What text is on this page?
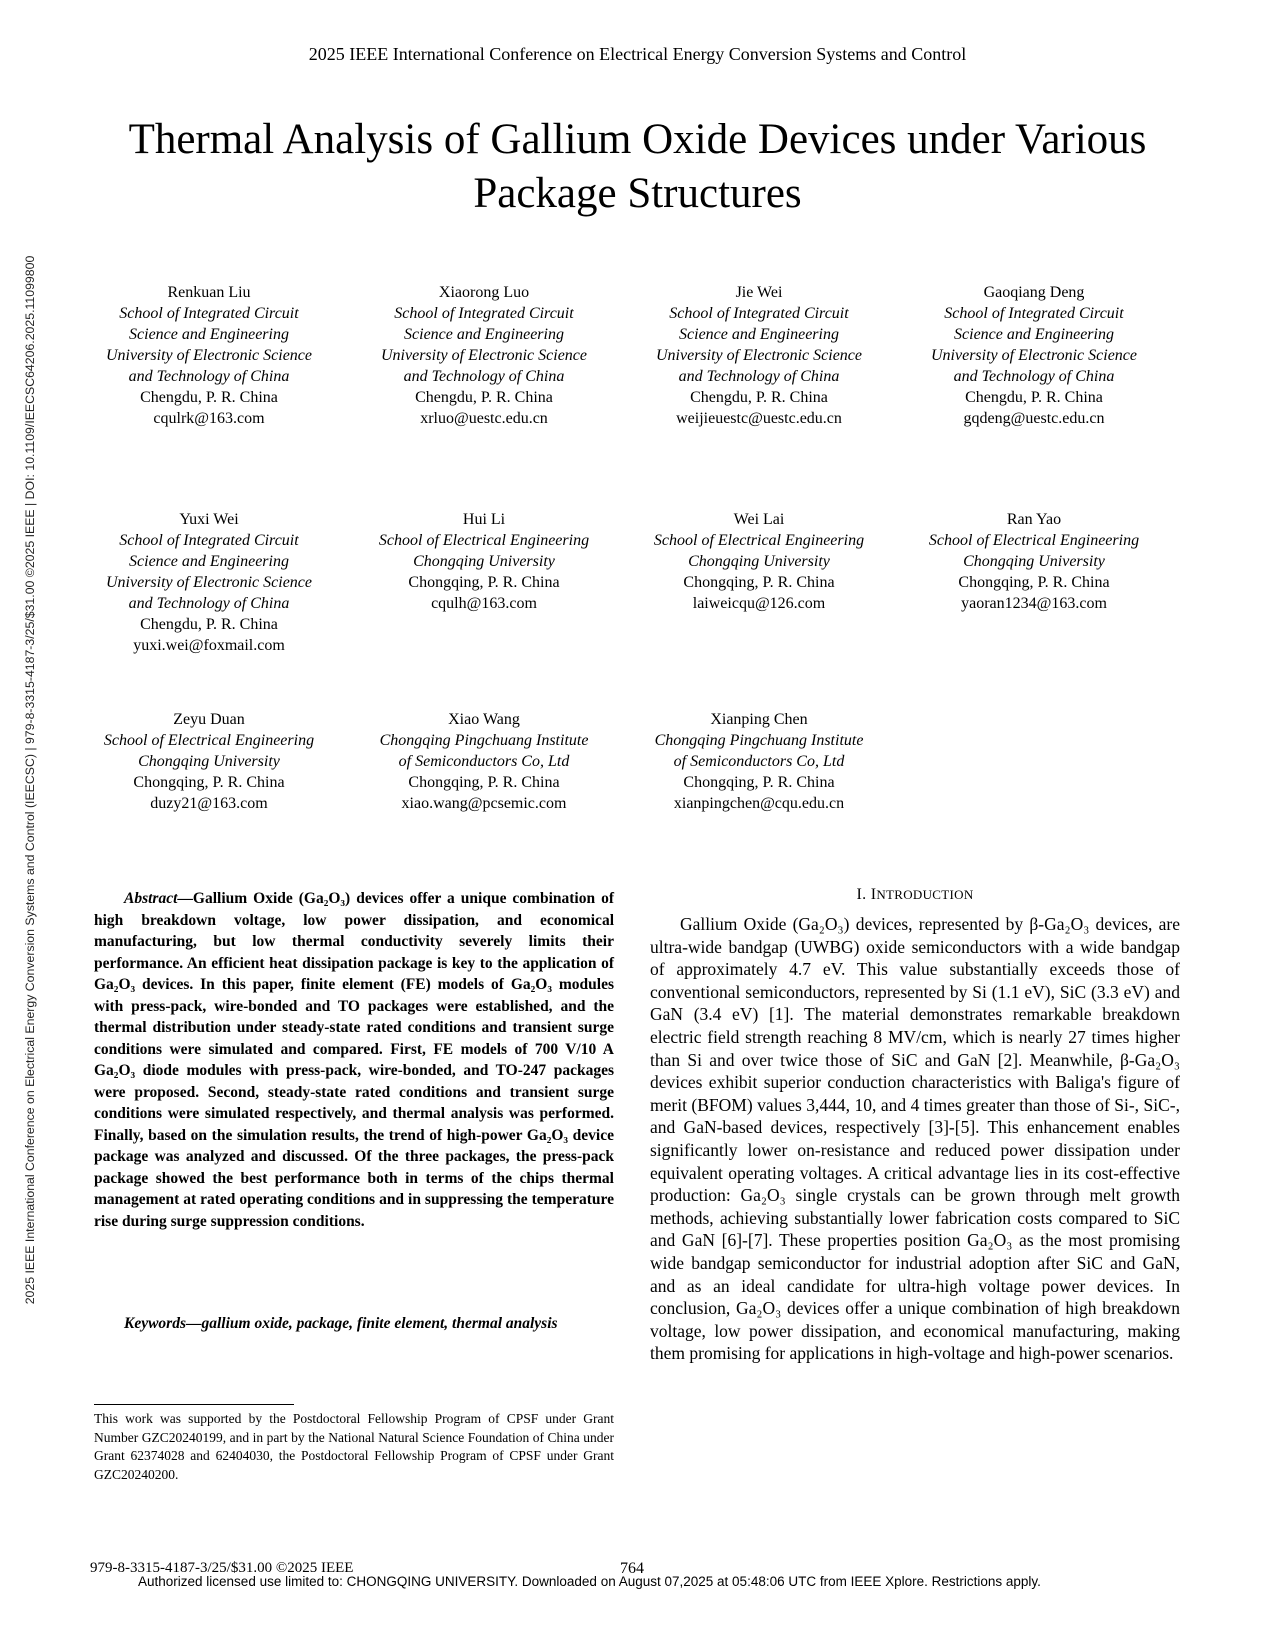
2025 IEEE International Conference on Electrical Energy Conversion Systems and Control
Thermal Analysis of Gallium Oxide Devices under Various Package Structures
2025 IEEE International Conference on Electrical Energy Conversion Systems and Control (IEECSC) | 979-8-3315-4187-3/25/$31.00 ©2025 IEEE | DOI: 10.1109/IEECSC64206.2025.11099800	Renkuan Liu
School of Integrated Circuit
Science and Engineering
University of Electronic Science
and Technology of China
Chengdu, P. R. China
cqulrk@163.com
Xiaorong Luo
School of Integrated Circuit
Science and Engineering
University of Electronic Science
and Technology of China
Chengdu, P. R. China
xrluo@uestc.edu.cn
Jie Wei
School of Integrated Circuit
Science and Engineering
University of Electronic Science
and Technology of China
Chengdu, P. R. China
weijieuestc@uestc.edu.cn
Gaoqiang Deng
School of Integrated Circuit
Science and Engineering
University of Electronic Science
and Technology of China
Chengdu, P. R. China
gqdeng@uestc.edu.cn
Yuxi Wei
School of Integrated Circuit
Science and Engineering
University of Electronic Science
and Technology of China
Chengdu, P. R. China
yuxi.wei@foxmail.com
Hui Li
School of Electrical Engineering
Chongqing University
Chongqing, P. R. China
cqulh@163.com
Wei Lai
School of Electrical Engineering
Chongqing University
Chongqing, P. R. China
laiweicqu@126.com
Ran Yao
School of Electrical Engineering
Chongqing University
Chongqing, P. R. China
yaoran1234@163.com
Zeyu Duan
School of Electrical Engineering
Chongqing University
Chongqing, P. R. China
duzy21@163.com
Xiao Wang
Chongqing Pingchuang Institute
of Semiconductors Co, Ltd
Chongqing, P. R. China
xiao.wang@pcsemic.com
Xianping Chen
Chongqing Pingchuang Institute
of Semiconductors Co, Ltd
Chongqing, P. R. China
xianpingchen@cqu.edu.cn
Abstract—Gallium Oxide (Ga₂O₃) devices offer a unique combination of high breakdown voltage, low power dissipation, and economical manufacturing, but low thermal conductivity severely limits their performance. An efficient heat dissipation package is key to the application of Ga₂O₃ devices. In this paper, finite element (FE) models of Ga₂O₃ modules with press-pack, wire-bonded and TO packages were established, and the thermal distribution under steady-state rated conditions and transient surge conditions were simulated and compared. First, FE models of 700 V/10 A Ga₂O₃ diode modules with press-pack, wire-bonded, and TO-247 packages were proposed. Second, steady-state rated conditions and transient surge conditions were simulated respectively, and thermal analysis was performed. Finally, based on the simulation results, the trend of high-power Ga₂O₃ device package was analyzed and discussed. Of the three packages, the press-pack package showed the best performance both in terms of the chips thermal management at rated operating conditions and in suppressing the temperature rise during surge suppression conditions.
Keywords—gallium oxide, package, finite element, thermal analysis
This work was supported by the Postdoctoral Fellowship Program of CPSF under Grant Number GZC20240199, and in part by the National Natural Science Foundation of China under Grant 62374028 and 62404030, the Postdoctoral Fellowship Program of CPSF under Grant GZC20240200.
I. INTRODUCTION
Gallium Oxide (Ga₂O₃) devices, represented by β-Ga₂O₃ devices, are ultra-wide bandgap (UWBG) oxide semiconductors with a wide bandgap of approximately 4.7 eV. This value substantially exceeds those of conventional semiconductors, represented by Si (1.1 eV), SiC (3.3 eV) and GaN (3.4 eV) [1]. The material demonstrates remarkable breakdown electric field strength reaching 8 MV/cm, which is nearly 27 times higher than Si and over twice those of SiC and GaN [2]. Meanwhile, β-Ga₂O₃ devices exhibit superior conduction characteristics with Baliga's figure of merit (BFOM) values 3,444, 10, and 4 times greater than those of Si-, SiC-, and GaN-based devices, respectively [3]-[5]. This enhancement enables significantly lower on-resistance and reduced power dissipation under equivalent operating voltages. A critical advantage lies in its cost-effective production: Ga₂O₃ single crystals can be grown through melt growth methods, achieving substantially lower fabrication costs compared to SiC and GaN [6]-[7]. These properties position Ga₂O₃ as the most promising wide bandgap semiconductor for industrial adoption after SiC and GaN, and as an ideal candidate for ultra-high voltage power devices. In conclusion, Ga₂O₃ devices offer a unique combination of high breakdown voltage, low power dissipation, and economical manufacturing, making them promising for applications in high-voltage and high-power scenarios.
979-8-3315-4187-3/25/$31.00 ©2025 IEEE	764
Authorized licensed use limited to: CHONGQING UNIVERSITY. Downloaded on August 07,2025 at 05:48:06 UTC from IEEE Xplore. Restrictions apply.
